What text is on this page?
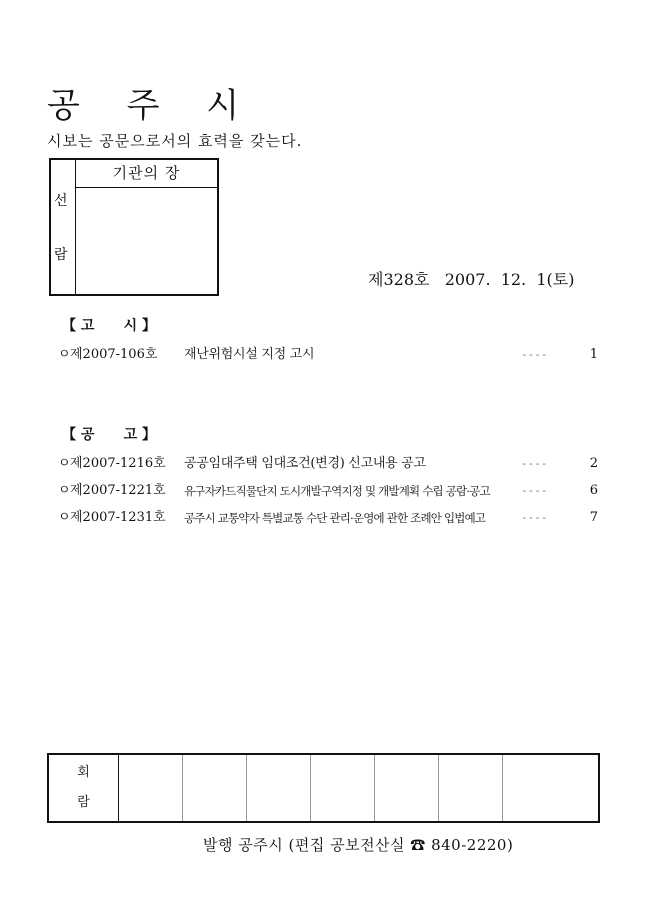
공 주 시
시보는 공문으로서의 효력을 갖는다.
선
람
기관의 장
제328호 2007.  12.  1(토)
【 고      시 】
ㅇ 제2007-106호 재난위험시설 지정 고시	----	1
【 공      고 】
ㅇ 제2007-1216호 공공임대주택 임대조건(변경) 신고내용 공고	----	2
ㅇ 제2007-1221호 유구자카드직물단지 도시개발구역지정 및 개발계획 수립 공람·공고	----	6
ㅇ 제2007-1231호 공주시 교통약자 특별교통 수단 관리·운영에 관한 조례안 입법예고	----	7
회
람

발행 공주시 (편집 공보전산실 ☎ 840-2220)
